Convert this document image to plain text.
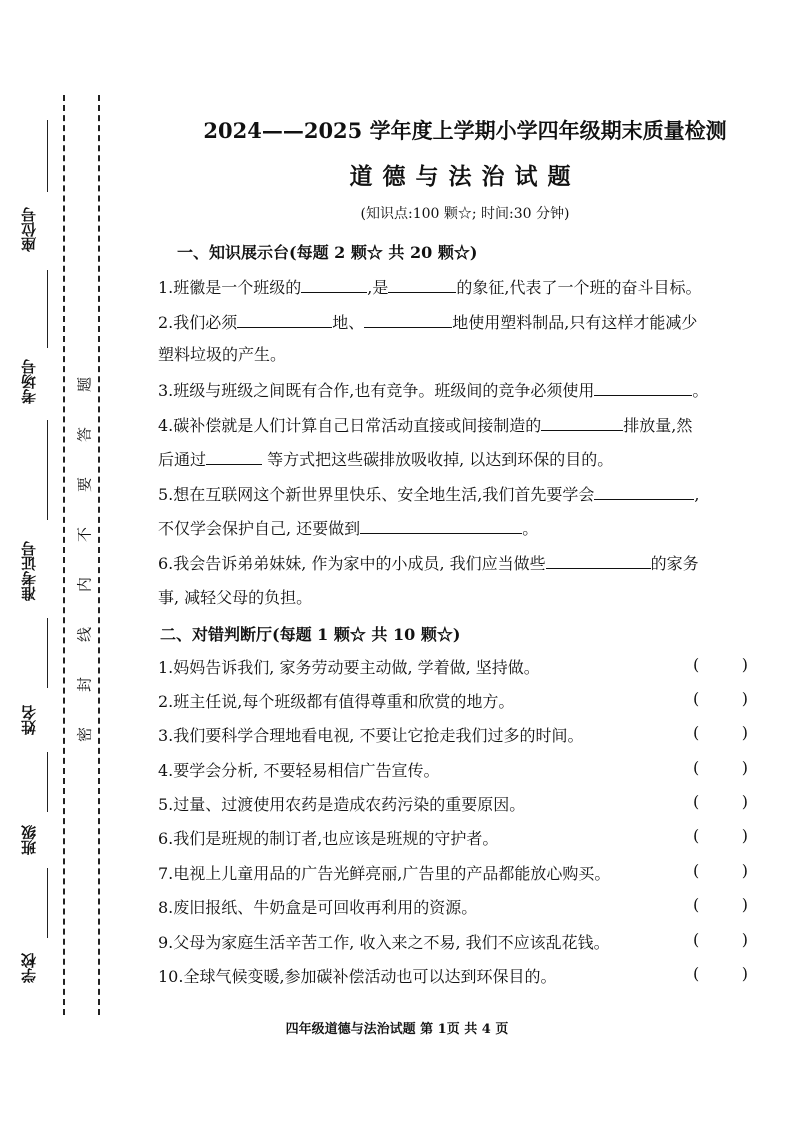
座位号
考场号
准考证号
姓名
班级
学校
题
答
要
不
内
线
封
密
2024——2025 学年度上学期小学四年级期末质量检测
道德与法治试题
(知识点:100 颗☆; 时间:30 分钟)
一、知识展示台(每题 2 颗☆ 共 20 颗☆)
1.班徽是一个班级的	,是	的象征,代表了一个班的奋斗目标。
2.我们必须	地、	地使用塑料制品,只有这样才能减少
塑料垃圾的产生。
3.班级与班级之间既有合作,也有竞争。班级间的竞争必须使用	。
4.碳补偿就是人们计算自己日常活动直接或间接制造的	排放量,然
后通过	等方式把这些碳排放吸收掉, 以达到环保的目的。
5.想在互联网这个新世界里快乐、安全地生活,我们首先要学会	,
不仅学会保护自己, 还要做到	。
6.我会告诉弟弟妹妹, 作为家中的小成员, 我们应当做些	的家务
事, 减轻父母的负担。
二、对错判断厅(每题 1 颗☆ 共 10 颗☆)
1.妈妈告诉我们, 家务劳动要主动做, 学着做, 坚持做。	(	)
2.班主任说,每个班级都有值得尊重和欣赏的地方。	(	)
3.我们要科学合理地看电视, 不要让它抢走我们过多的时间。	(	)
4.要学会分析, 不要轻易相信广告宣传。	(	)
5.过量、过渡使用农药是造成农药污染的重要原因。	(	)
6.我们是班规的制订者,也应该是班规的守护者。	(	)
7.电视上儿童用品的广告光鲜亮丽,广告里的产品都能放心购买。	(	)
8.废旧报纸、牛奶盒是可回收再利用的资源。	(	)
9.父母为家庭生活辛苦工作, 收入来之不易, 我们不应该乱花钱。	(	)
10.全球气候变暖,参加碳补偿活动也可以达到环保目的。	(	)
四年级道德与法治试题 第 1页 共 4 页
